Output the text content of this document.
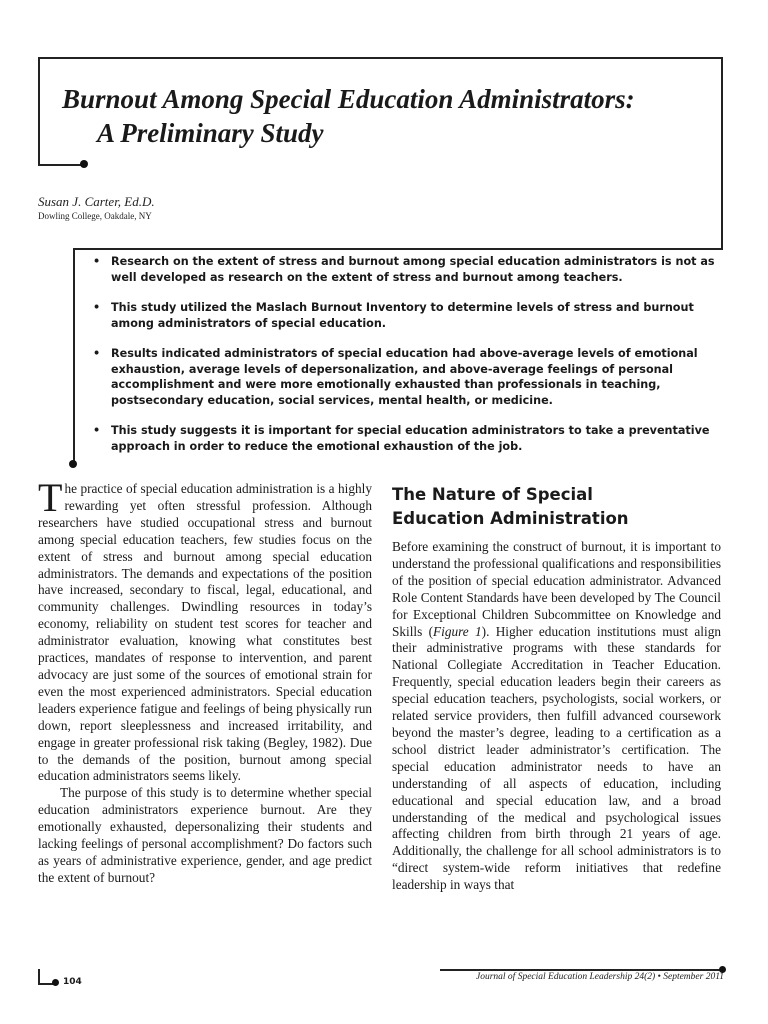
Burnout Among Special Education Administrators:
A Preliminary Study

Susan J. Carter, Ed.D.

Dowling College, Oakdale, NY

• Research on the extent of stress and burnout among special education administrators is not as well developed as research on the extent of stress and burnout among teachers.
• This study utilized the Maslach Burnout Inventory to determine levels of stress and burnout among administrators of special education.
• Results indicated administrators of special education had above-average levels of emotional exhaustion, average levels of depersonalization, and above-average feelings of personal accomplishment and were more emotionally exhausted than professionals in teaching, postsecondary education, social services, mental health, or medicine.
• This study suggests it is important for special education administrators to take a preventative approach in order to reduce the emotional exhaustion of the job.

The practice of special education administration is a highly rewarding yet often stressful profession. Although researchers have studied occupational stress and burnout among special education teachers, few studies focus on the extent of stress and burnout among special education administrators. The demands and expectations of the position have increased, secondary to fiscal, legal, educational, and community challenges. Dwindling resources in today’s economy, reliability on student test scores for teacher and administrator evaluation, knowing what constitutes best practices, mandates of response to intervention, and parent advocacy are just some of the sources of emotional strain for even the most experienced administrators. Special education leaders experience fatigue and feelings of being physically run down, report sleeplessness and increased irritability, and engage in greater professional risk taking (Begley, 1982). Due to the demands of the position, burnout among special education administrators seems likely.

The purpose of this study is to determine whether special education administrators experience burnout. Are they emotionally exhausted, depersonalizing their students and lacking feelings of personal accomplishment? Do factors such as years of administrative experience, gender, and age predict the extent of burnout?

The Nature of Special
Education Administration

Before examining the construct of burnout, it is important to understand the professional qualifications and responsibilities of the position of special education administrator. Advanced Role Content Standards have been developed by The Council for Exceptional Children Subcommittee on Knowledge and Skills (Figure 1). Higher education institutions must align their administrative programs with these standards for National Collegiate Accreditation in Teacher Education. Frequently, special education leaders begin their careers as special education teachers, psychologists, social workers, or related service providers, then fulfill advanced coursework beyond the master’s degree, leading to a certification as a school district leader administrator’s certification. The special education administrator needs to have an understanding of all aspects of education, including educational and special education law, and a broad understanding of the medical and psychological issues affecting children from birth through 21 years of age. Additionally, the challenge for all school administrators is to “direct system-wide reform initiatives that redefine leadership in ways that

104	Journal of Special Education Leadership 24(2) • September 2011
